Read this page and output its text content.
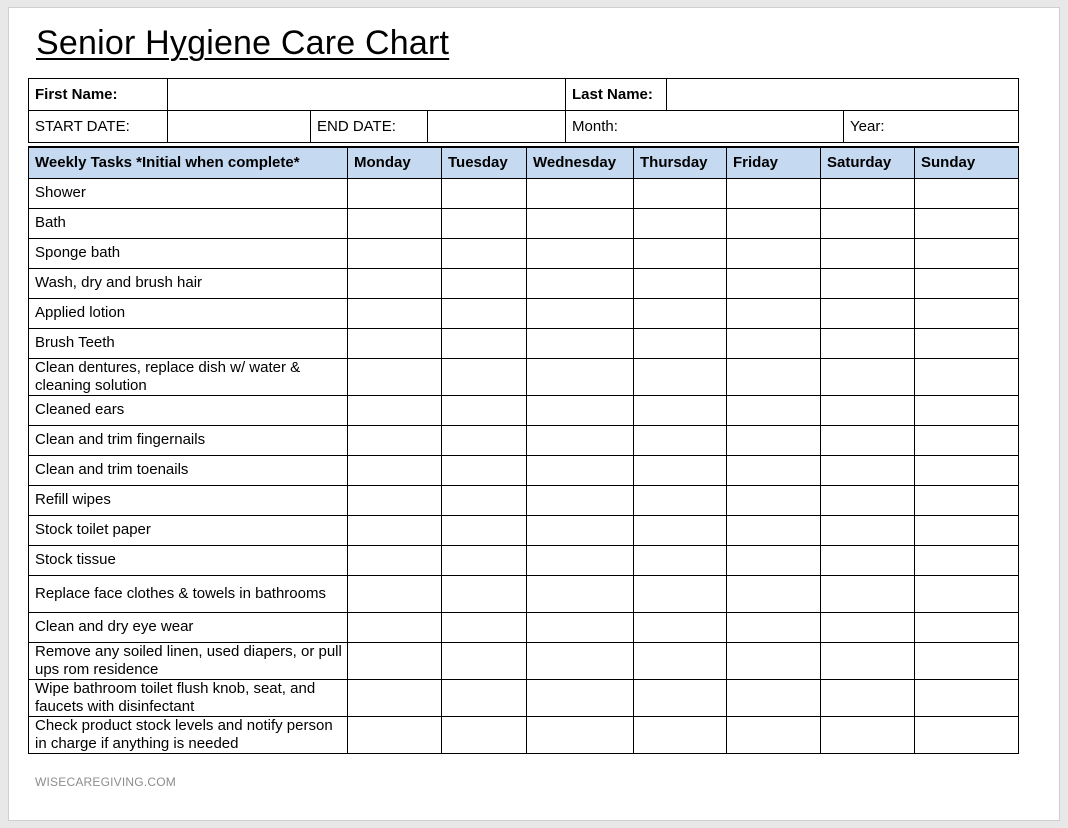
Senior Hygiene Care Chart
First Name:				Last Name:		
START DATE:		END DATE:		Month:		Year:
Weekly Tasks *Initial when complete*	Monday	Tuesday	Wednesday	Thursday	Friday	Saturday	Sunday
Shower							
Bath							
Sponge bath							
Wash, dry and brush hair							
Applied lotion							
Brush Teeth							
Clean dentures, replace dish w/ water & cleaning solution							
Cleaned ears							
Clean and trim fingernails							
Clean and trim toenails							
Refill wipes							
Stock toilet paper							
Stock tissue							
Replace face clothes & towels in bathrooms							
Clean and dry eye wear							
Remove any soiled linen, used diapers, or pull ups rom residence							
Wipe bathroom toilet flush knob, seat, and faucets with disinfectant							
Check product stock levels and notify person in charge if anything is needed							
WISECAREGIVING.COM
